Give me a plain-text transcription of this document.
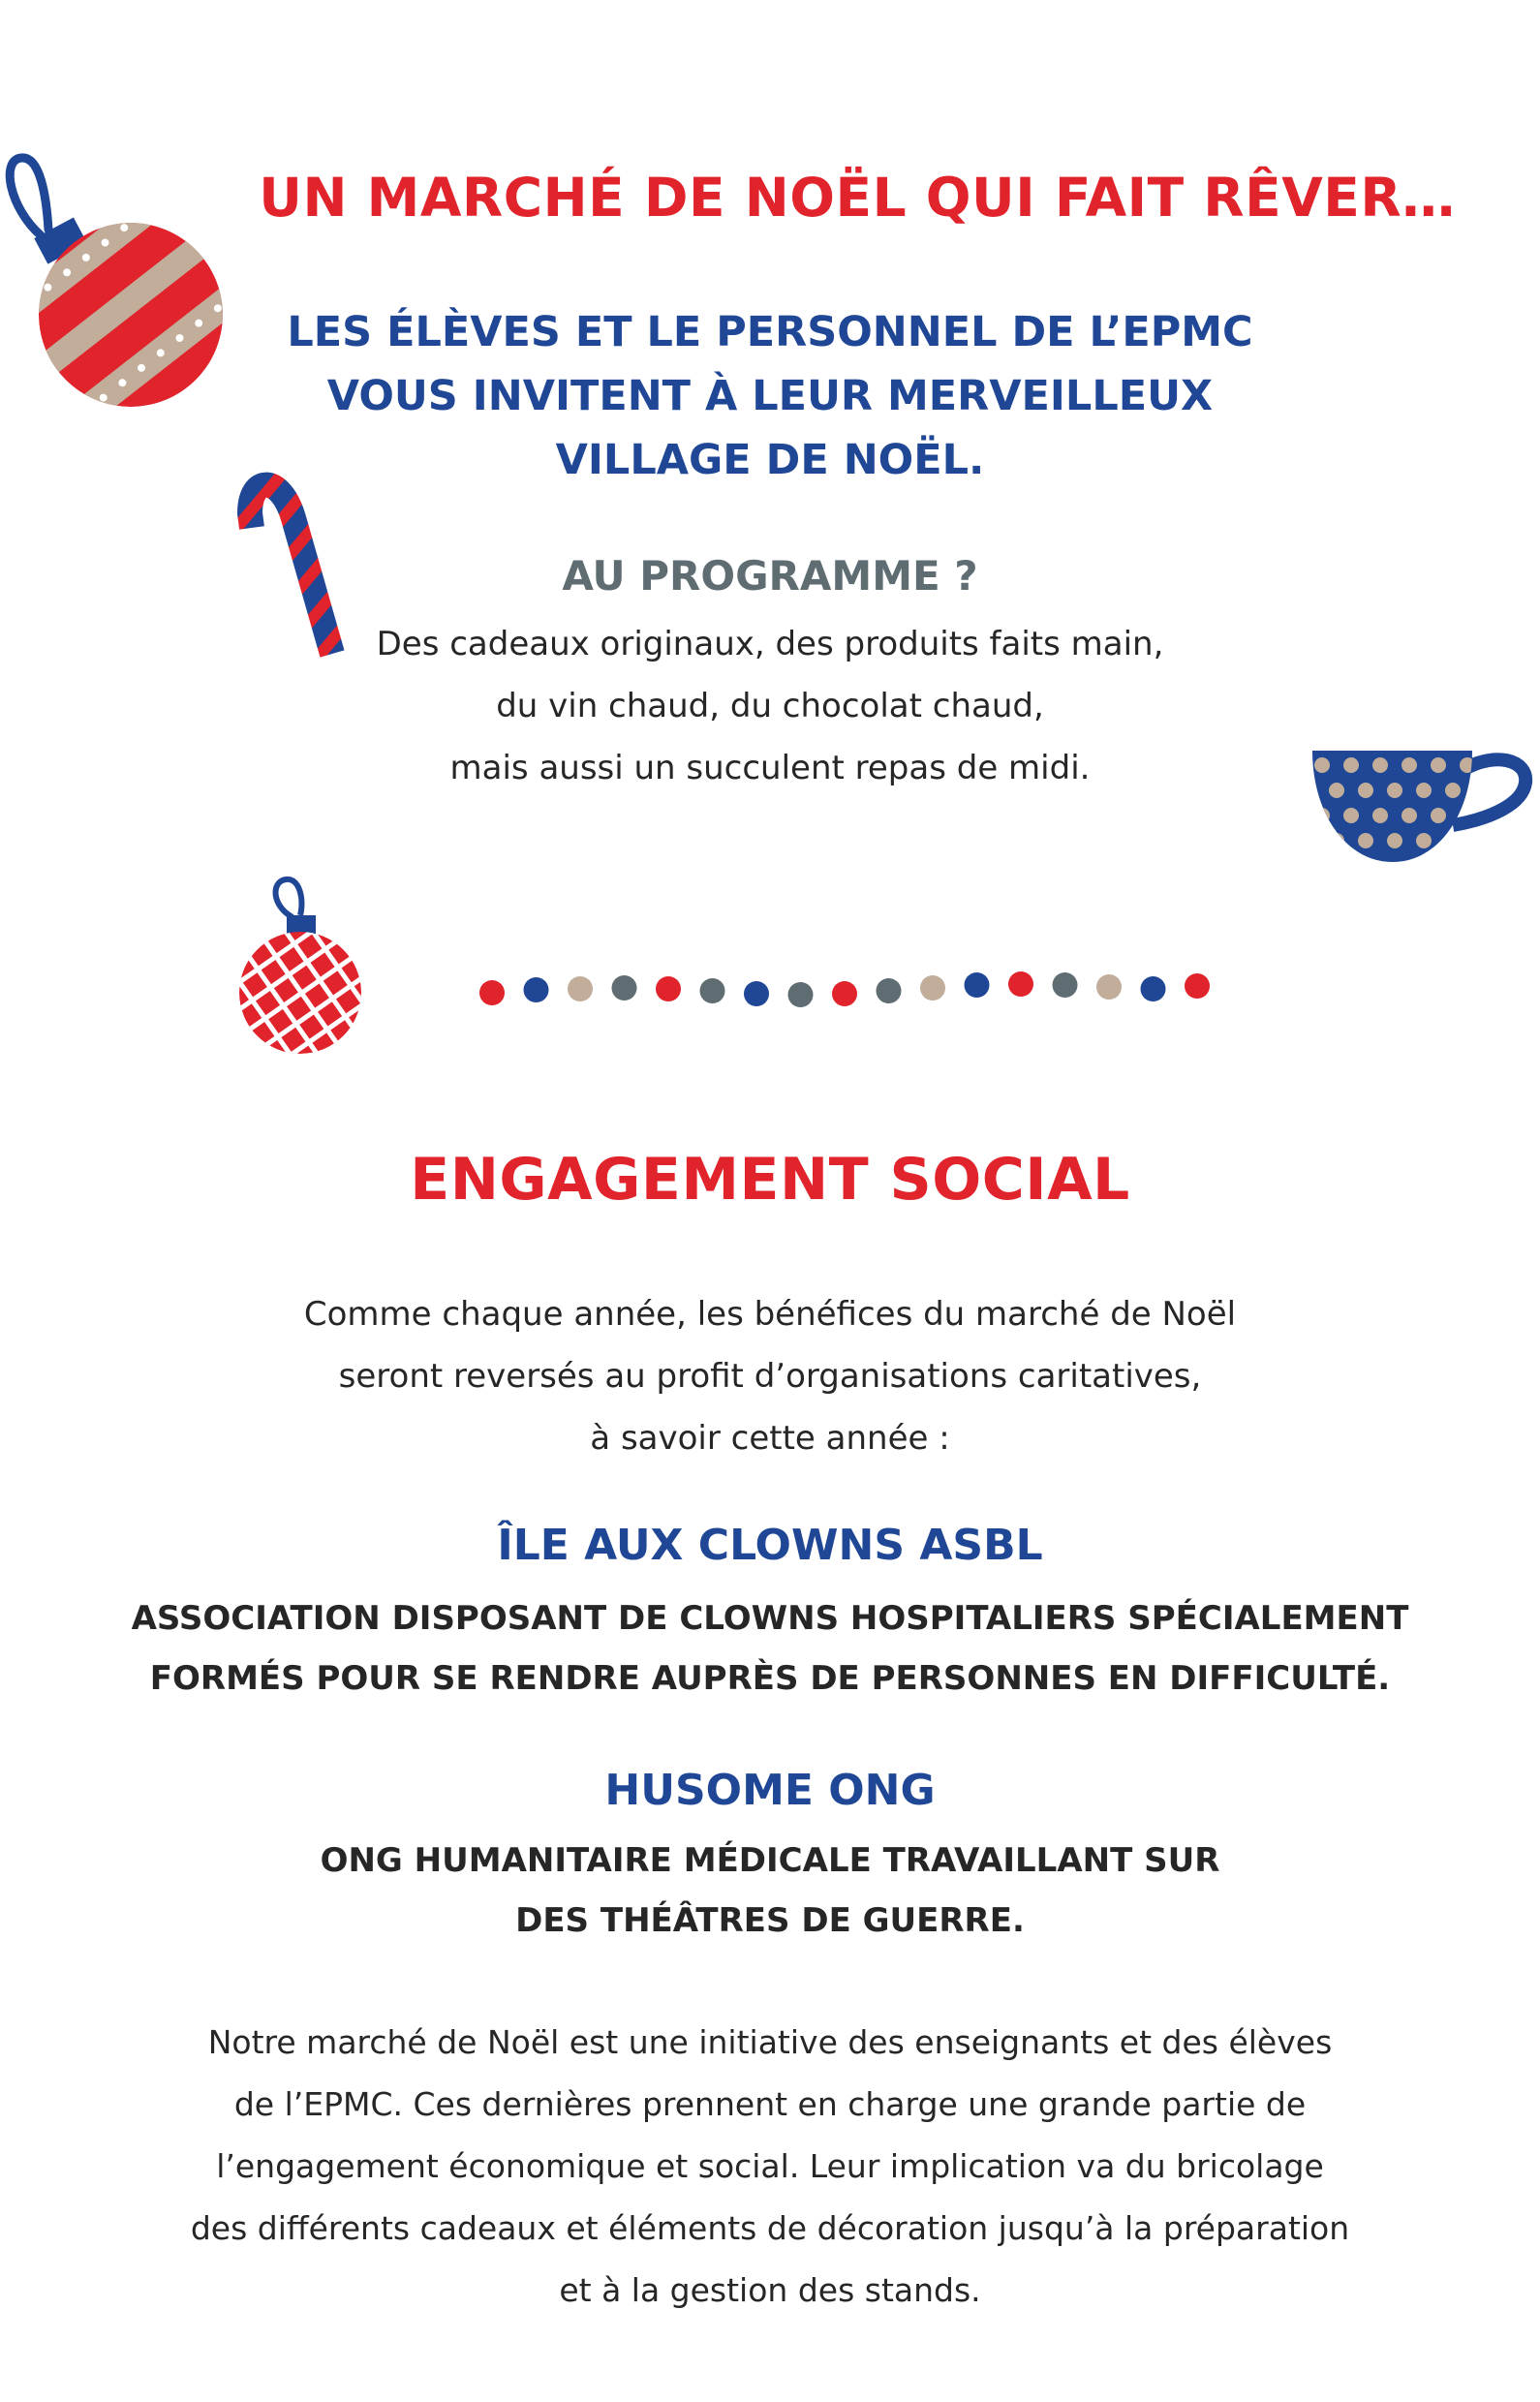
UN MARCHÉ DE NOËL QUI FAIT RÊVER…
LES ÉLÈVES ET LE PERSONNEL DE L’EPMC
VOUS INVITENT À LEUR MERVEILLEUX
VILLAGE DE NOËL.
AU PROGRAMME ?
Des cadeaux originaux, des produits faits main,
du vin chaud, du chocolat chaud,
mais aussi un succulent repas de midi.
ENGAGEMENT SOCIAL
Comme chaque année, les bénéfices du marché de Noël
seront reversés au profit d’organisations caritatives,
à savoir cette année :
ÎLE AUX CLOWNS ASBL
ASSOCIATION DISPOSANT DE CLOWNS HOSPITALIERS SPÉCIALEMENT
FORMÉS POUR SE RENDRE AUPRÈS DE PERSONNES EN DIFFICULTÉ.
HUSOME ONG
ONG HUMANITAIRE MÉDICALE TRAVAILLANT SUR
DES THÉÂTRES DE GUERRE.
Notre marché de Noël est une initiative des enseignants et des élèves
de l’EPMC. Ces dernières prennent en charge une grande partie de
l’engagement économique et social. Leur implication va du bricolage
des différents cadeaux et éléments de décoration jusqu’à la préparation
et à la gestion des stands.
